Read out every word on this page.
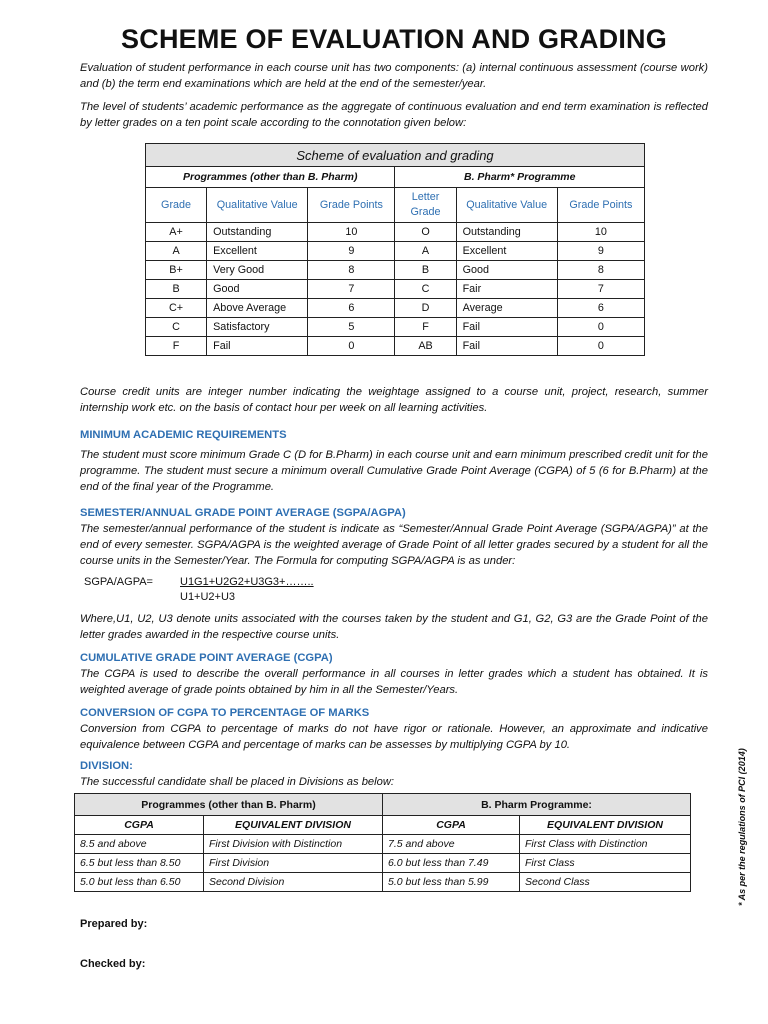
SCHEME OF EVALUATION AND GRADING

Evaluation of student performance in each course unit has two components: (a) internal continuous assessment (course work) and (b) the term end examinations which are held at the end of the semester/year.

The level of students’ academic performance as the aggregate of continuous evaluation and end term examination is reflected by letter grades on a ten point scale according to the connotation given below:

Scheme of evaluation and grading					
Programmes (other than B. Pharm)			B. Pharm* Programme		
Grade	Qualitative Value	Grade Points	Letter Grade	Qualitative Value	Grade Points
A+	Outstanding	10	O	Outstanding	10
A	Excellent	9	A	Excellent	9
B+	Very Good	8	B	Good	8
B	Good	7	C	Fair	7
C+	Above Average	6	D	Average	6
C	Satisfactory	5	F	Fail	0
F	Fail	0	AB	Fail	0

Course credit units are integer number indicating the weightage assigned to a course unit, project, research, summer internship work etc. on the basis of contact hour per week on all learning activities.

MINIMUM ACADEMIC REQUIREMENTS

The student must score minimum Grade C (D for B.Pharm) in each course unit and earn minimum prescribed credit unit for the programme. The student must secure a minimum overall Cumulative Grade Point Average (CGPA) of 5 (6 for B.Pharm) at the end of the final year of the Programme.

SEMESTER/ANNUAL GRADE POINT AVERAGE (SGPA/AGPA)

The semester/annual performance of the student is indicate as “Semester/Annual Grade Point Average (SGPA/AGPA)” at the end of every semester. SGPA/AGPA is the weighted average of Grade Point of all letter grades secured by a student for all the course units in the Semester/Year. The Formula for computing SGPA/AGPA is as under:

SGPA/AGPA=	$\frac{U1G1+U2G2+U3G3+\dots\dots..}{U1+U2+U3}$

Where,U1, U2, U3 denote units associated with the courses taken by the student and G1, G2, G3 are the Grade Point of the letter grades awarded in the respective course units.

CUMULATIVE GRADE POINT AVERAGE (CGPA)

The CGPA is used to describe the overall performance in all courses in letter grades which a student has obtained. It is weighted average of grade points obtained by him in all the Semester/Years.

CONVERSION OF CGPA TO PERCENTAGE OF MARKS

Conversion from CGPA to percentage of marks do not have rigor or rationale. However, an approximate and indicative equivalence between CGPA and percentage of marks can be assesses by multiplying CGPA by 10.

DIVISION:

The successful candidate shall be placed in Divisions as below:

Programmes (other than B. Pharm)		B. Pharm Programme:	
CGPA	EQUIVALENT DIVISION	CGPA	EQUIVALENT DIVISION
8.5 and above	First Division with Distinction	7.5 and above	First Class with Distinction
6.5 but less than 8.50	First Division	6.0 but less than 7.49	First Class
5.0 but less than 6.50	Second Division	5.0 but less than 5.99	Second Class

Prepared by:

Checked by:

* As per the regulations of PCI (2014)
